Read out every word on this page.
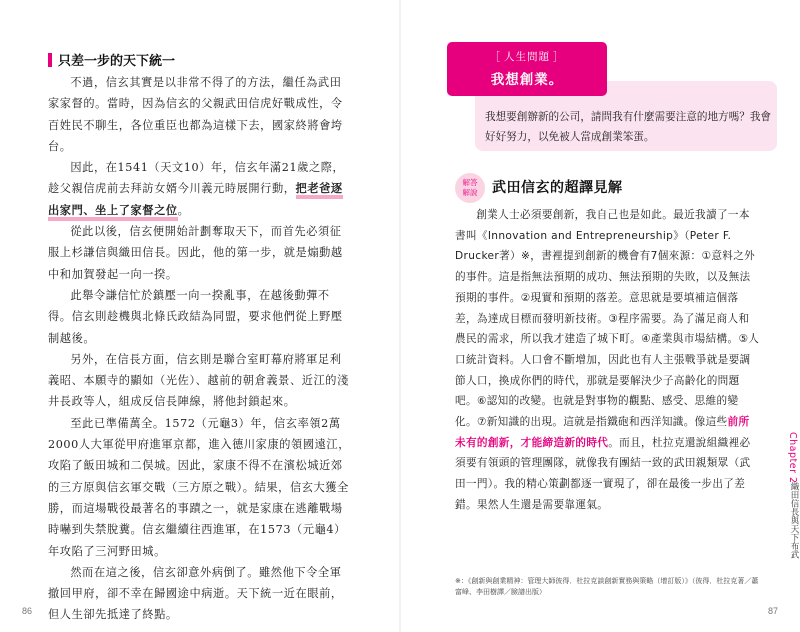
只差一步的天下統一

不過，信玄其實是以非常不得了的方法，繼任為武田家家督的。當時，因為信玄的父親武田信虎好戰成性，令百姓民不聊生，各位重臣也都為這樣下去，國家終將會垮台。

因此，在1541（天文10）年，信玄年滿21歲之際，趁父親信虎前去拜訪女婿今川義元時展開行動，把老爸逐出家門、坐上了家督之位。

從此以後，信玄便開始計劃奪取天下，而首先必須征服上杉謙信與織田信長。因此，他的第一步，就是煽動越中和加賀發起一向一揆。

此舉令謙信忙於鎮壓一向一揆亂事，在越後動彈不得。信玄則趁機與北條氏政結為同盟，要求他們從上野壓制越後。

另外，在信長方面，信玄則是聯合室町幕府將軍足利義昭、本願寺的顯如（光佐）、越前的朝倉義景、近江的淺井長政等人，組成反信長陣線，將他封鎖起來。

至此已準備萬全。1572（元龜3）年，信玄率領2萬2000人大軍從甲府進軍京都，進入德川家康的領國遠江，攻陷了飯田城和二俣城。因此，家康不得不在濱松城近郊的三方原與信玄軍交戰（三方原之戰）。結果，信玄大獲全勝，而這場戰役最著名的事蹟之一，就是家康在逃離戰場時嚇到失禁脫糞。信玄繼續往西進軍，在1573（元龜4）年攻陷了三河野田城。

然而在這之後，信玄卻意外病倒了。雖然他下令全軍撤回甲府，卻不幸在歸國途中病逝。天下統一近在眼前，但人生卻先抵達了終點。

86
［ 人生問題 ］
我想創業。
我想要創辦新的公司，請問我有什麼需要注意的地方嗎？我會好好努力，以免被人當成創業笨蛋。
解答
解說 武田信玄的超譯見解

創業人士必須要創新，我自己也是如此。最近我讀了一本書叫《Innovation and Entrepreneurship》（Peter F. Drucker著）※，書裡提到創新的機會有7個來源：①意料之外的事件。這是指無法預期的成功、無法預期的失敗，以及無法預期的事件。②現實和預期的落差。意思就是要填補這個落差，為達成目標而發明新技術。③程序需要。為了滿足商人和農民的需求，所以我才建造了城下町。④產業與市場結構。⑤人口統計資料。人口會不斷增加，因此也有人主張戰爭就是要調節人口，換成你們的時代，那就是要解決少子高齡化的問題吧。⑥認知的改變。也就是對事物的觀點、感受、思維的變化。⑦新知識的出現。這就是指鐵砲和西洋知識。像這些前所未有的創新，才能締造新的時代。而且，杜拉克還說組織裡必須要有領頭的管理團隊，就像我有團結一致的武田親類眾（武田一門）。我的精心策劃都逐一實現了，卻在最後一步出了差錯。果然人生還是需要靠運氣。

Chapter 2
織田信長與天下布武
※：《創新與創業精神：管理大師彼得．杜拉克談創新實務與策略（增訂版）》（彼得．杜拉克著／蕭富峰、李田樹譯／臉譜出版）
87
